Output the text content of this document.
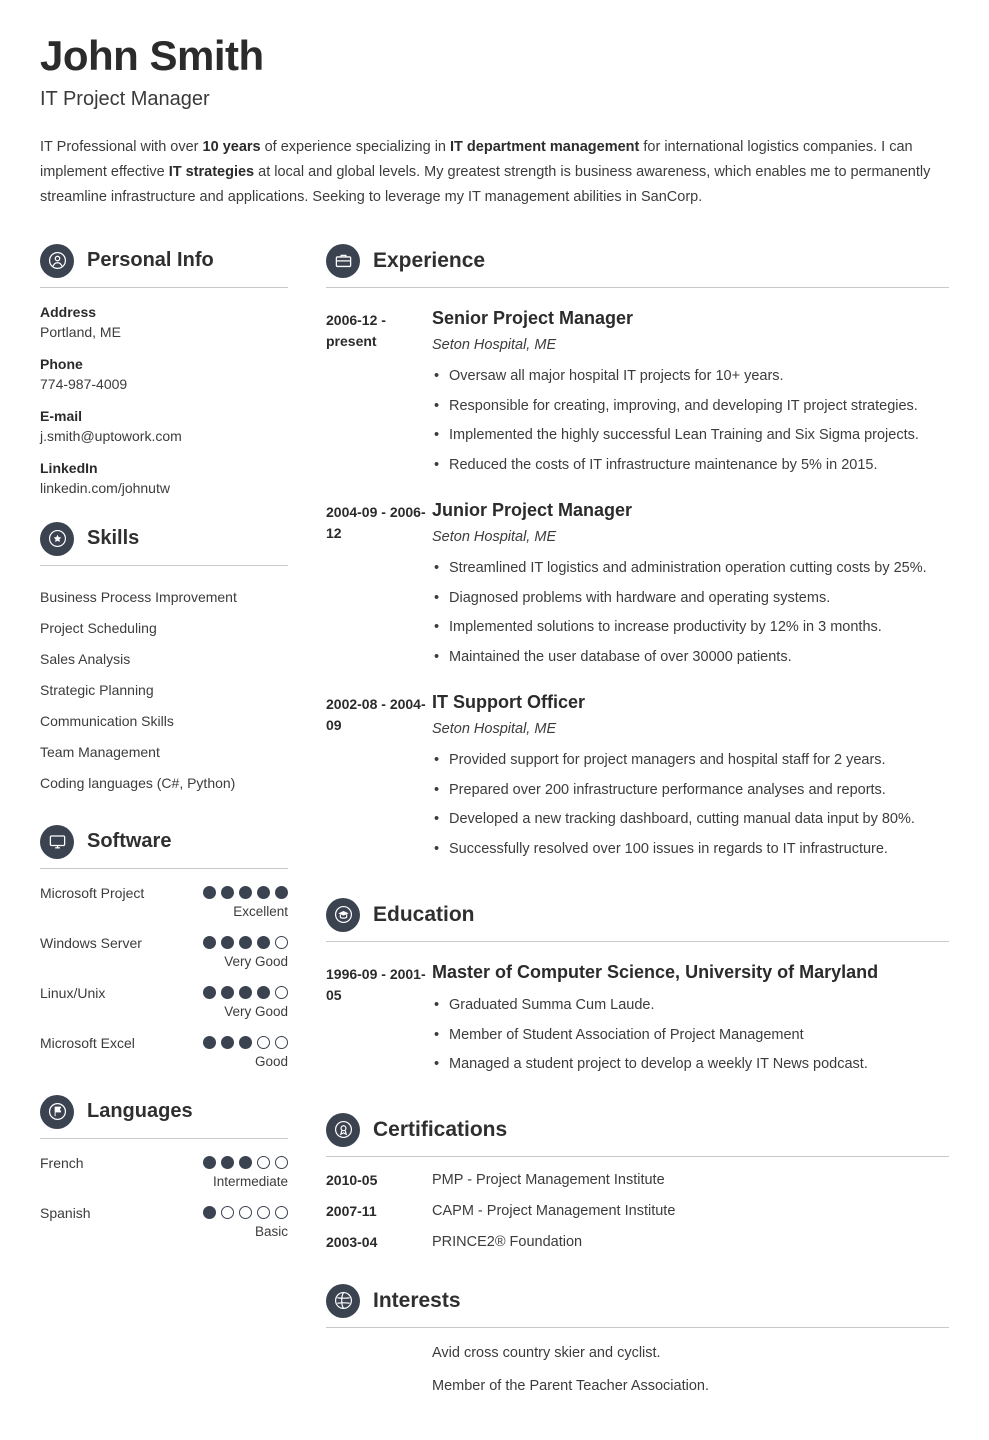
John Smith
IT Project Manager

IT Professional with over 10 years of experience specializing in IT department management for international logistics companies. I can implement effective IT strategies at local and global levels. My greatest strength is business awareness, which enables me to permanently streamline infrastructure and applications. Seeking to leverage my IT management abilities in SanCorp.

Personal Info
Address
Portland, ME
Phone
774-987-4009
E-mail
j.smith@uptowork.com
LinkedIn
linkedin.com/johnutw
Skills
Business Process Improvement
Project Scheduling
Sales Analysis
Strategic Planning
Communication Skills
Team Management
Coding languages (C#, Python)
Software
Microsoft Project
Excellent
Windows Server
Very Good
Linux/Unix
Very Good
Microsoft Excel
Good
Languages
French
Intermediate
Spanish
Basic
Experience
2006-12 - present
Senior Project Manager
Seton Hospital, ME
• Oversaw all major hospital IT projects for 10+ years.
• Responsible for creating, improving, and developing IT project strategies.
• Implemented the highly successful Lean Training and Six Sigma projects.
• Reduced the costs of IT infrastructure maintenance by 5% in 2015.
2004-09 - 2006-12
Junior Project Manager
Seton Hospital, ME
• Streamlined IT logistics and administration operation cutting costs by 25%.
• Diagnosed problems with hardware and operating systems.
• Implemented solutions to increase productivity by 12% in 3 months.
• Maintained the user database of over 30000 patients.
2002-08 - 2004-09
IT Support Officer
Seton Hospital, ME
• Provided support for project managers and hospital staff for 2 years.
• Prepared over 200 infrastructure performance analyses and reports.
• Developed a new tracking dashboard, cutting manual data input by 80%.
• Successfully resolved over 100 issues in regards to IT infrastructure.
Education
1996-09 - 2001-05
Master of Computer Science, University of Maryland
• Graduated Summa Cum Laude.
• Member of Student Association of Project Management
• Managed a student project to develop a weekly IT News podcast.
Certifications
2010-05	PMP - Project Management Institute
2007-11	CAPM - Project Management Institute
2003-04	PRINCE2® Foundation
Interests
Avid cross country skier and cyclist.
Member of the Parent Teacher Association.
